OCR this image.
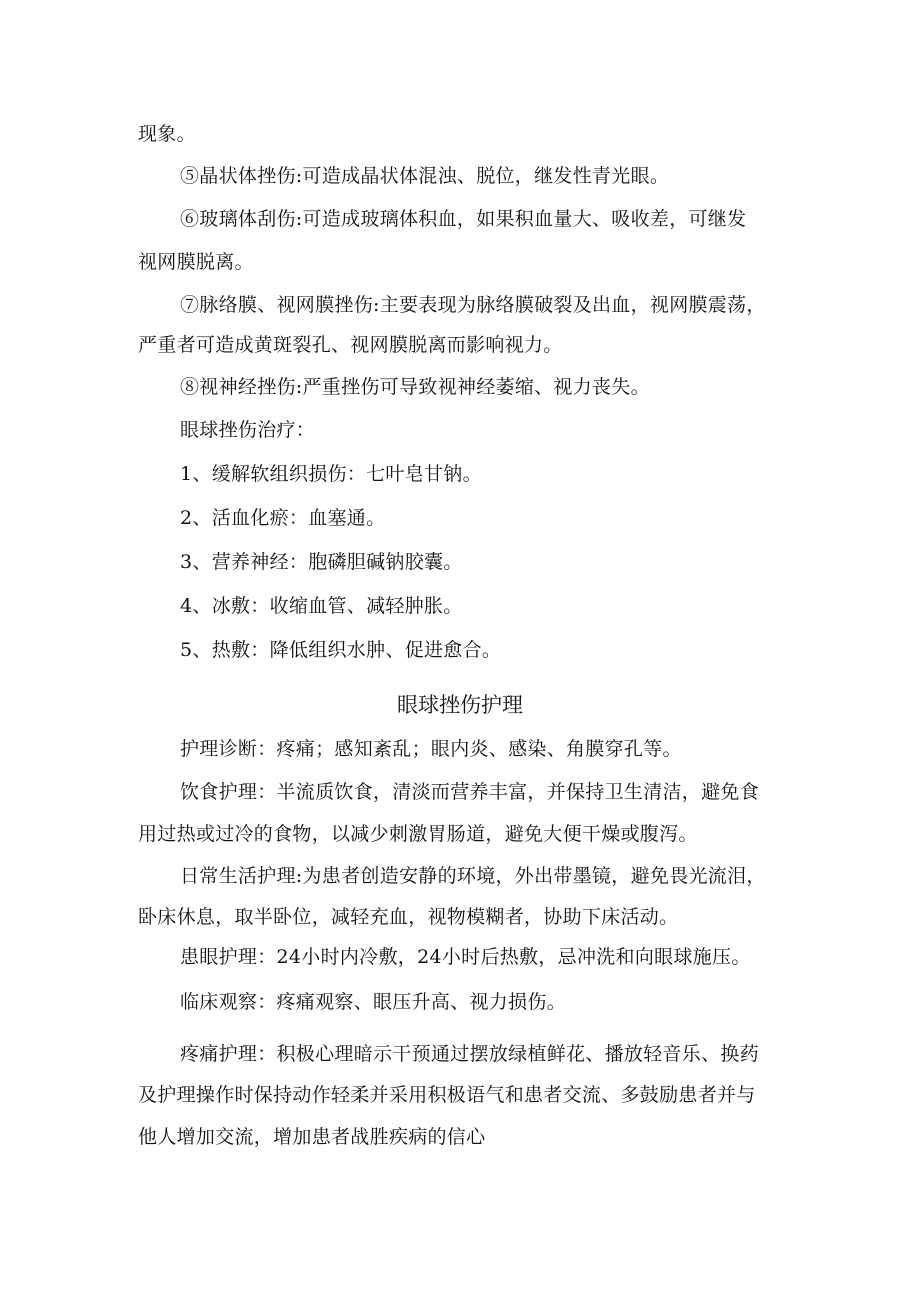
现象。
⑤晶状体挫伤:可造成晶状体混浊、脱位，继发性青光眼。
⑥玻璃体刮伤:可造成玻璃体积血，如果积血量大、吸收差，可继发
视网膜脱离。
⑦脉络膜、视网膜挫伤:主要表现为脉络膜破裂及出血，视网膜震荡，
严重者可造成黄斑裂孔、视网膜脱离而影响视力。
⑧视神经挫伤:严重挫伤可导致视神经萎缩、视力丧失。
眼球挫伤治疗：
1、缓解软组织损伤：七叶皂甘钠。
2、活血化瘀：血塞通。
3、营养神经：胞磷胆碱钠胶囊。
4、冰敷：收缩血管、减轻肿胀。
5、热敷：降低组织水肿、促进愈合。
眼球挫伤护理
护理诊断：疼痛；感知紊乱；眼内炎、感染、角膜穿孔等。
饮食护理：半流质饮食，清淡而营养丰富，并保持卫生清洁，避免食
用过热或过冷的食物，以减少刺激胃肠道，避免大便干燥或腹泻。
日常生活护理:为患者创造安静的环境，外出带墨镜，避免畏光流泪，
卧床休息，取半卧位，减轻充血，视物模糊者，协助下床活动。
患眼护理：24小时内冷敷，24小时后热敷，忌冲洗和向眼球施压。
临床观察：疼痛观察、眼压升高、视力损伤。
疼痛护理：积极心理暗示干预通过摆放绿植鲜花、播放轻音乐、换药
及护理操作时保持动作轻柔并采用积极语气和患者交流、多鼓励患者并与
他人增加交流，增加患者战胜疾病的信心
